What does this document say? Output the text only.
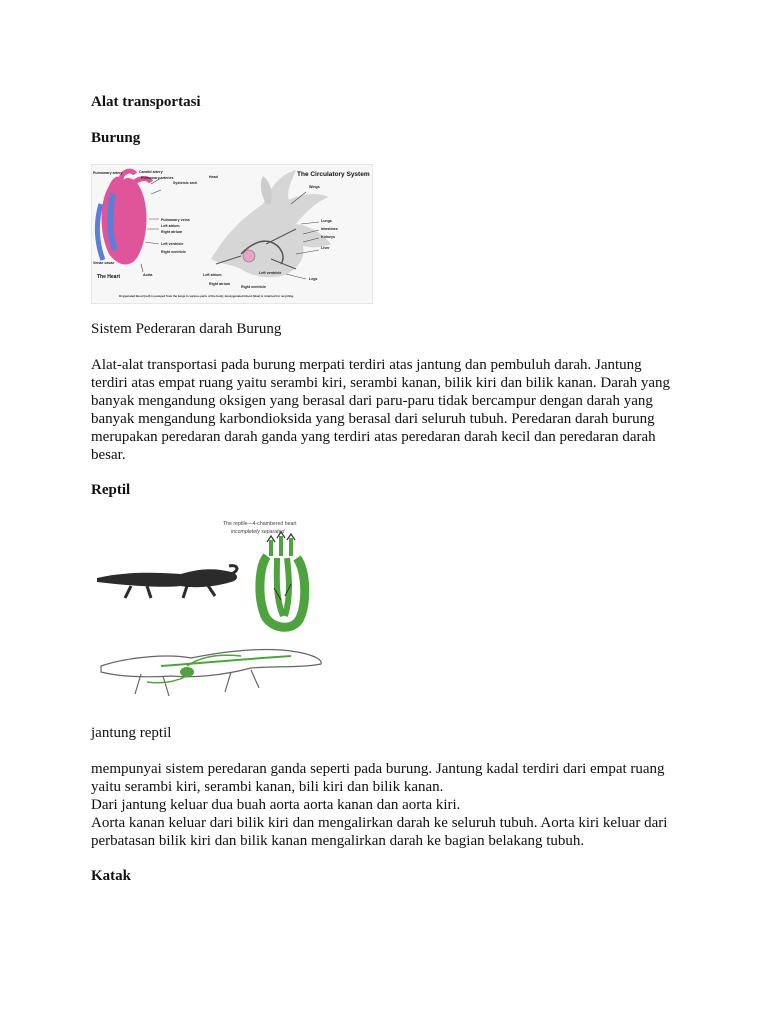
Alat transportasi
Burung
The Circulatory System
Pulmonary artery	Carotid artery
Pulmonary arteries
Systemic arch
Head
Wings
Pulmonary veins
Left atrium
Right atrium
Left ventricle
Right ventricle
Venae cavae
The Heart	Aorta
Lungs
Intestines
Kidneys
Liver
Left atrium	Left ventricle
Right atrium
Right ventricle
Legs
Oxygenated blood (red) is pumped from the lungs to various parts of the body; deoxygenated blood (blue) is returned for recycling.
Sistem Pederaran darah Burung
Alat-alat transportasi pada burung merpati terdiri atas jantung dan pembuluh darah. Jantung
terdiri atas empat ruang yaitu serambi kiri, serambi kanan, bilik kiri dan bilik kanan. Darah yang
banyak mengandung oksigen yang berasal dari paru-paru tidak bercampur dengan darah yang
banyak mengandung karbondioksida yang berasal dari seluruh tubuh. Peredaran darah burung
merupakan peredaran darah ganda yang terdiri atas peredaran darah kecil dan peredaran darah
besar.
Reptil
The reptile—4-chambered heart
incompletely separated
jantung reptil
mempunyai sistem peredaran ganda seperti pada burung. Jantung kadal terdiri dari empat ruang
yaitu serambi kiri, serambi kanan, bili kiri dan bilik kanan.
Dari jantung keluar dua buah aorta aorta kanan dan aorta kiri.
Aorta kanan keluar dari bilik kiri dan mengalirkan darah ke seluruh tubuh. Aorta kiri keluar dari
perbatasan bilik kiri dan bilik kanan mengalirkan darah ke bagian belakang tubuh.
Katak
